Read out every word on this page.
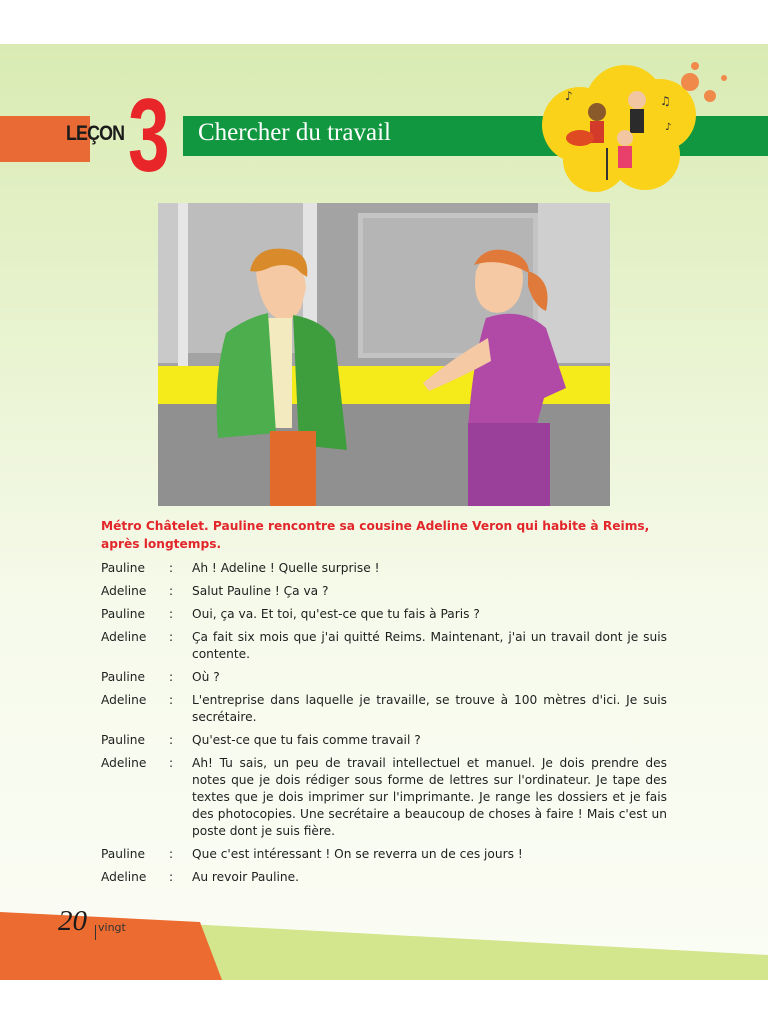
LEÇON 3 Chercher du travail
♪	♫
♪
Métro Châtelet. Pauline rencontre sa cousine Adeline Veron qui habite à Reims, après longtemps.
Pauline	:	Ah ! Adeline ! Quelle surprise !
Adeline	:	Salut Pauline ! Ça va ?
Pauline	:	Oui, ça va. Et toi, qu'est-ce que tu fais à Paris ?
Adeline	:	Ça fait six mois que j'ai quitté Reims. Maintenant, j'ai un travail dont je suis contente.
Pauline	:	Où ?
Adeline	:	L'entreprise dans laquelle je travaille, se trouve à 100 mètres d'ici. Je suis secrétaire.
Pauline	:	Qu'est-ce que tu fais comme travail ?
Adeline	:	Ah! Tu sais, un peu de travail intellectuel et manuel. Je dois prendre des notes que je dois rédiger sous forme de lettres sur l'ordinateur. Je tape des textes que je dois imprimer sur l'imprimante. Je range les dossiers et je fais des photocopies. Une secrétaire a beaucoup de choses à faire ! Mais c'est un poste dont je suis fière.
Pauline	:	Que c'est intéressant ! On se reverra un de ces jours !
Adeline	:	Au revoir Pauline.
20 vingt
